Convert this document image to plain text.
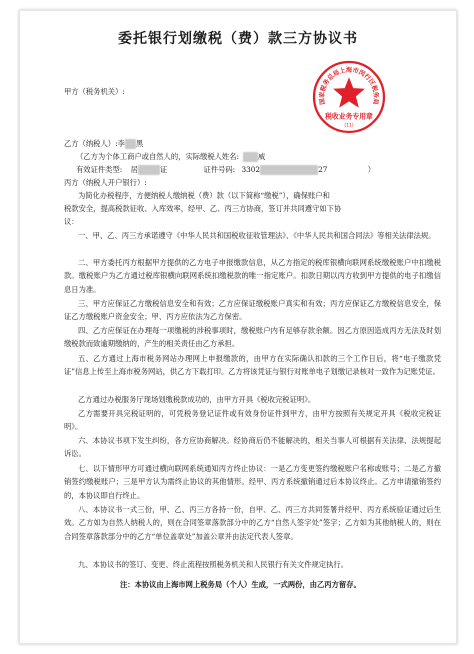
委托银行划缴税（费）款三方协议书
甲方（税务机关）:
国家税务总局上海市闵行区税务局
税收业务专用章
(11)
乙方（纳税人）:李 黑
（乙方为个体工商户或自然人的，实际缴税人姓名:	威
有效证件类型: 居	证	证件号码: 3302	27	）
丙方（纳税人开户银行）:
为简化办税程序，方便纳税人缴纳税（费）款（以下简称“缴税”），确保账户和
税款安全，提高税款征收、入库效率，经甲、乙、丙三方协商，签订并共同遵守如下协
议：
一、甲、乙、丙三方承诺遵守《中华人民共和国税收征收管理法》、《中华人民共和国合同法》等相关法律法规。
二、甲方委托丙方根据甲方提供的乙方电子申报缴款信息，从乙方指定的税库银横向联网系统缴税账户中扣缴税款。缴税账户为乙方通过税库银横向联网系统扣缴税款的唯一指定账户。扣款日期以丙方收到甲方提供的电子扣缴信息日为准。
三、甲方应保证乙方缴税信息安全和有效；乙方应保证缴税账户真实和有效；丙方应保证乙方缴税信息安全，保证乙方缴税账户资金安全；甲、丙方应依法为乙方保密。
四、乙方应保证在办理每一项缴税的涉税事项时，缴税账户内有足够存款余额。因乙方原因造成丙方无法及时划缴税款而致逾期缴纳的，产生的相关责任由乙方承担。
五、乙方通过上海市税务网站办理网上申报缴款的，由甲方在实际确认扣款的三个工作日后，将“电子缴款凭证”信息上传至上海市税务网站，供乙方下载打印。乙方将该凭证与银行对账单电子划缴记录核对一致作为记账凭证。
乙方通过办税服务厅现场划缴税款成功的，由甲方开具《税收完税证明》。
乙方需要开具完税证明的，可凭税务登记证件或有效身份证件到甲方，由甲方按照有关规定开具《税收完税证明》。
六、本协议书项下发生纠纷，各方应协商解决。经协商后仍不能解决的，相关当事人可根据有关法律、法规提起诉讼。
七、以下情形甲方可通过横向联网系统通知丙方终止协议：一是乙方变更签约缴税账户名称或账号；二是乙方撤销签约缴税账户；三是甲方认为需终止协议的其他情形。经甲、丙方系统撤销通过后本协议终止。乙方申请撤销签约的，本协议即自行终止。
八、本协议书一式三份，甲、乙、丙三方各持一份，自甲、乙、丙三方共同签署并经甲、丙方系统验证通过后生效。乙方如为自然人纳税人的，则在合同签章落款部分中的乙方“自然人签字处”签字；乙方如为其他纳税人的，则在合同签章落款部分中的乙方“单位盖章处”加盖公章并由法定代表人签章。
九、本协议书的签订、变更、终止流程按照税务机关和人民银行有关文件规定执行。
注：本协议由上海市网上税务局（个人）生成，一式两份，由乙丙方留存。
